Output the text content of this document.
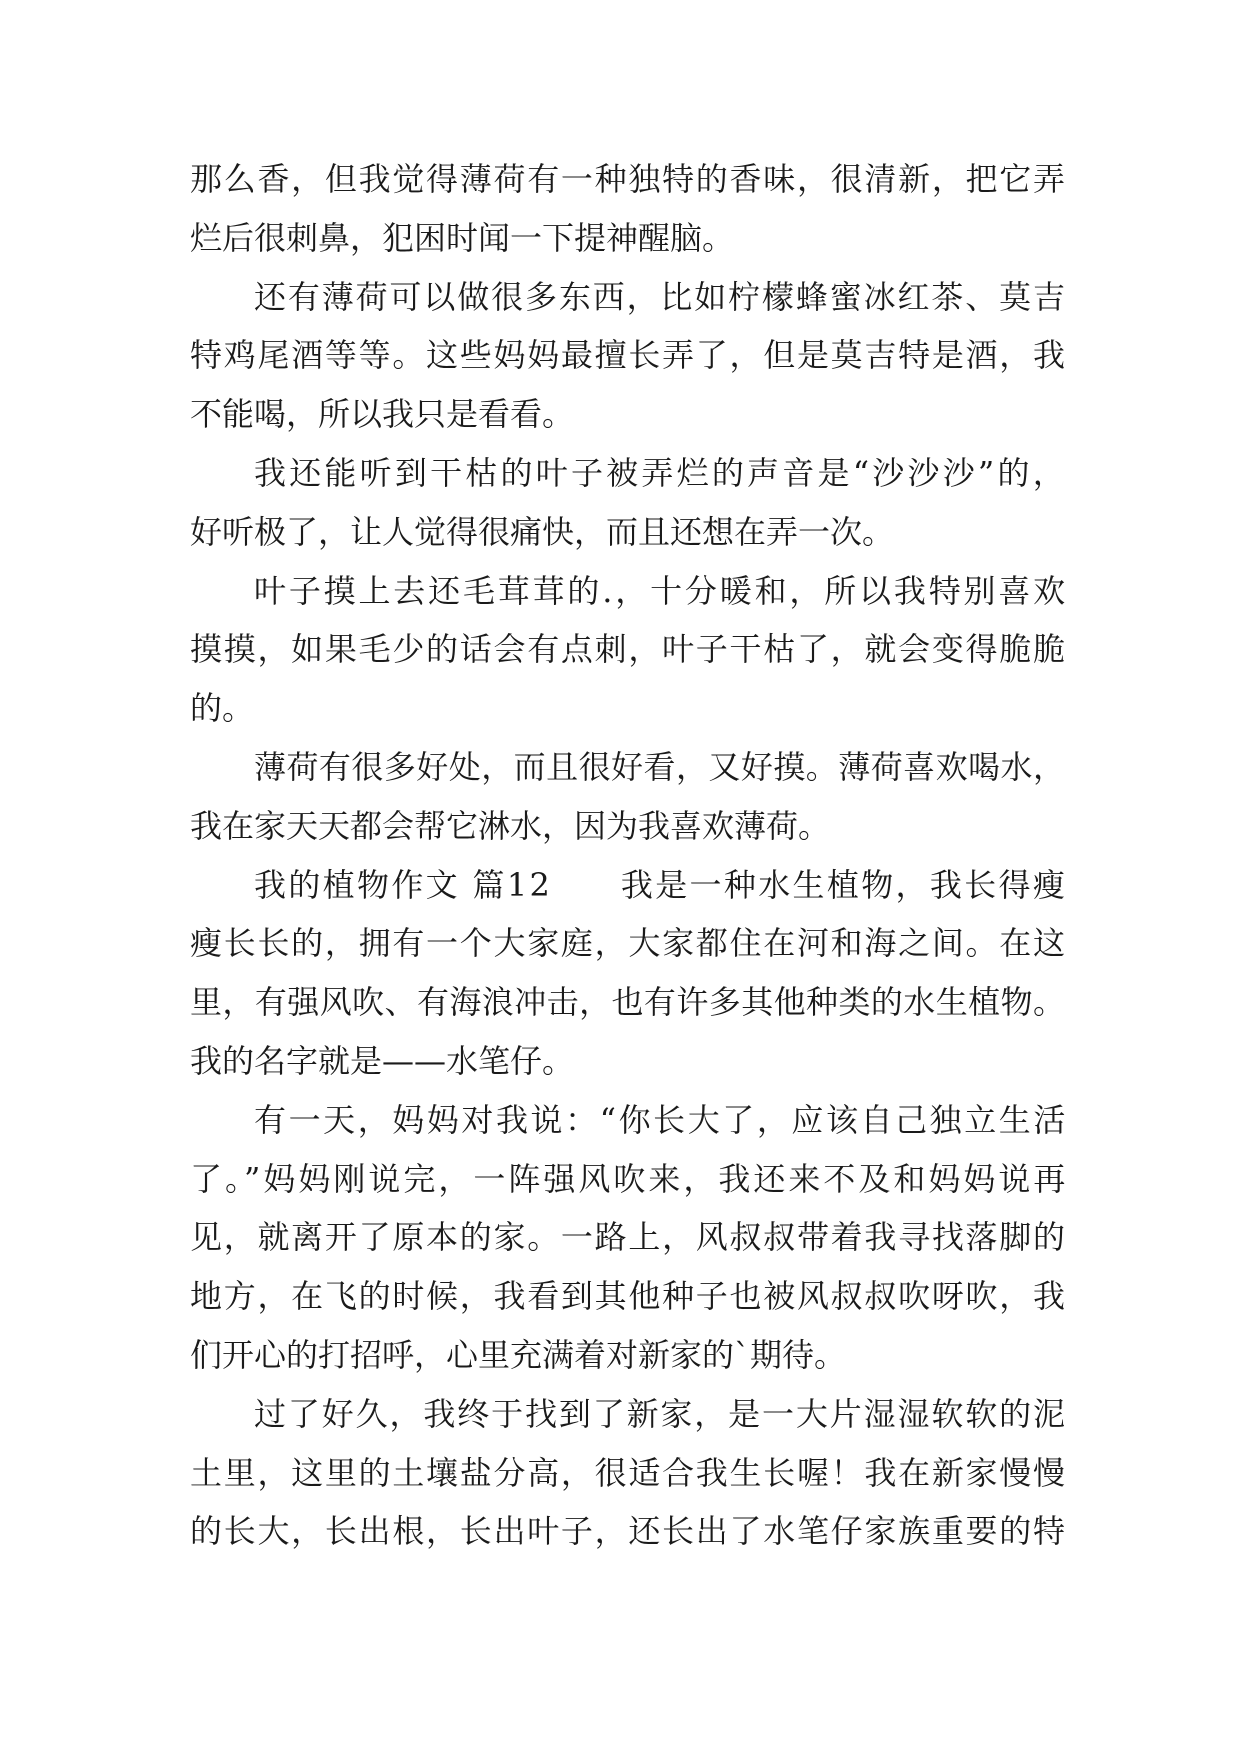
那么香，但我觉得薄荷有一种独特的香味，很清新，把它弄
烂后很刺鼻，犯困时闻一下提神醒脑。
还有薄荷可以做很多东西，比如柠檬蜂蜜冰红茶、莫吉
特鸡尾酒等等。这些妈妈最擅长弄了，但是莫吉特是酒，我
不能喝，所以我只是看看。
我还能听到干枯的叶子被弄烂的声音是“沙沙沙”的，
好听极了，让人觉得很痛快，而且还想在弄一次。
叶子摸上去还毛茸茸的.，十分暖和，所以我特别喜欢
摸摸，如果毛少的话会有点刺，叶子干枯了，就会变得脆脆
的。
薄荷有很多好处，而且很好看，又好摸。薄荷喜欢喝水，
我在家天天都会帮它淋水，因为我喜欢薄荷。
我的植物作文 篇12　　我是一种水生植物，我长得瘦
瘦长长的，拥有一个大家庭，大家都住在河和海之间。在这
里，有强风吹、有海浪冲击，也有许多其他种类的水生植物。
我的名字就是——水笔仔。
有一天，妈妈对我说：“你长大了，应该自己独立生活
了。”妈妈刚说完，一阵强风吹来，我还来不及和妈妈说再
见，就离开了原本的家。一路上，风叔叔带着我寻找落脚的
地方，在飞的时候，我看到其他种子也被风叔叔吹呀吹，我
们开心的打招呼，心里充满着对新家的`期待。
过了好久，我终于找到了新家，是一大片湿湿软软的泥
土里，这里的土壤盐分高，很适合我生长喔！我在新家慢慢
的长大，长出根，长出叶子，还长出了水笔仔家族重要的特
